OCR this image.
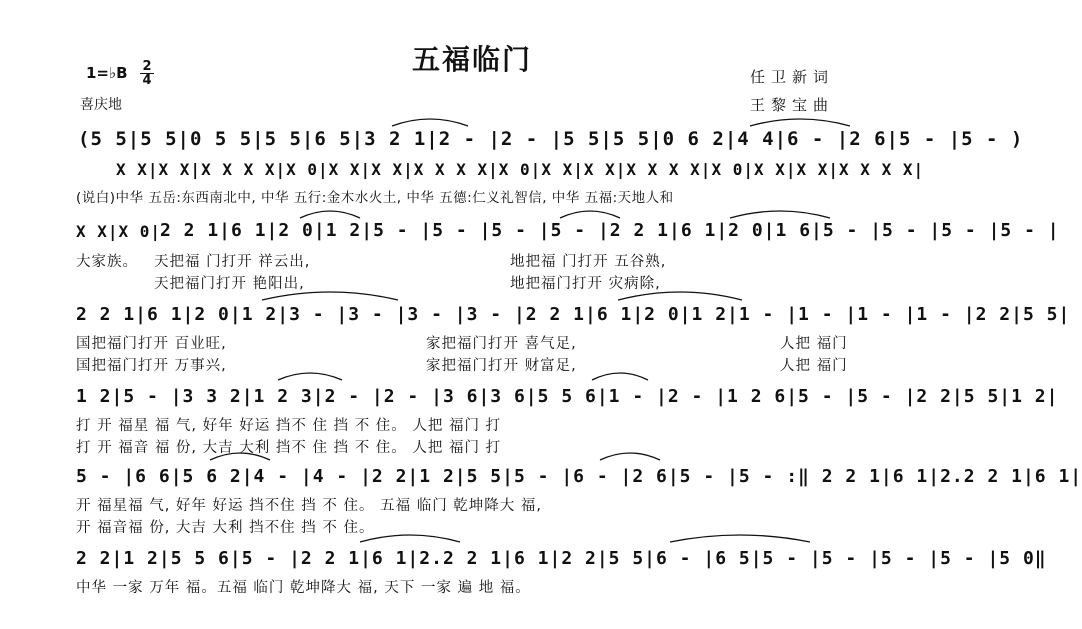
五福临门
1=♭B 2
4
喜庆地
任卫新词
王黎宝曲
(5 5|5 5|0 5 5|5 5|6 5|3 2 1|2 - |2 - |5 5|5 5|0 6 2|4 4|6 - |2 6|5 - |5 - )
X X|X X|X X X X|X 0|X X|X X|X X X X|X 0|X X|X X|X X X X|X 0|X X|X X|X X X X|
(说白)中华 五岳:东西南北中, 中华 五行:金木水火土, 中华 五德:仁义礼智信, 中华 五福:天地人和
X X|X 0|
2 2 1|6 1|2 0|1 2|5 - |5 - |5 - |5 - |2 2 1|6 1|2 0|1 6|5 - |5 - |5 - |5 - |
大家族。 天把福 门打开 祥云出,	地把福 门打开 五谷熟,
天把福门打开 艳阳出,	地把福门打开 灾病除,
2 2 1|6 1|2 0|1 2|3 - |3 - |3 - |3 - |2 2 1|6 1|2 0|1 2|1 - |1 - |1 - |1 - |2 2|5 5|
国把福门打开 百业旺,	家把福门打开 喜气足,	人把 福门
国把福门打开 万事兴,	家把福门打开 财富足,	人把 福门
1 2|5 - |3 3 2|1 2 3|2 - |2 - |3 6|3 6|5 5 6|1 - |2 - |1 2 6|5 - |5 - |2 2|5 5|1 2|
打 开 福星 福 气, 好年 好运 挡不 住 挡 不 住。 人把 福门 打
打 开 福音 福 份, 大吉 大利 挡不 住 挡 不 住。 人把 福门 打
5 - |6 6|5 6 2|4 - |4 - |2 2|1 2|5 5|5 - |6 - |2 6|5 - |5 - :‖ 2 2 1|6 1|2.2 2 1|6 1|
开 福星福 气, 好年 好运 挡不住 挡 不 住。 五福 临门 乾坤降大 福,
开 福音福 份, 大吉 大利 挡不住 挡 不 住。
2 2|1 2|5 5 6|5 - |2 2 1|6 1|2.2 2 1|6 1|2 2|5 5|6 - |6 5|5 - |5 - |5 - |5 - |5 0‖
中华 一家 万年 福。五福 临门 乾坤降大 福, 天下 一家 遍 地 福。
